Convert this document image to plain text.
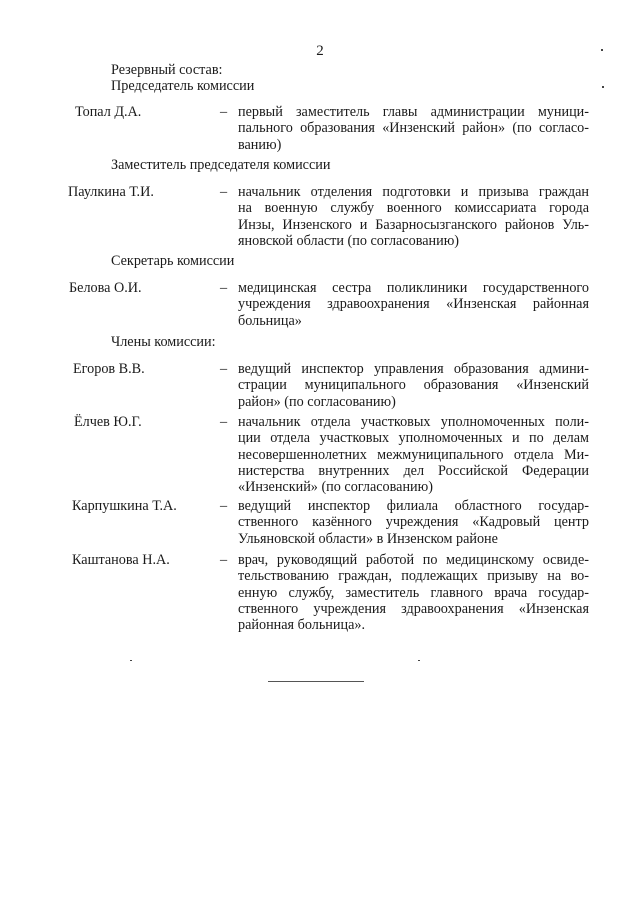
2
Резервный состав:
Председатель комиссии
Топал Д.А.	– первый заместитель главы администрации муници-
пального образования «Инзенский район» (по согласо-
ванию)
Заместитель председателя комиссии
Паулкина Т.И.	– начальник отделения подготовки и призыва граждан
на военную службу военного комиссариата города
Инзы, Инзенского и Базарносызганского районов Уль-
яновской области (по согласованию)
Секретарь комиссии
Белова О.И.	– медицинская сестра поликлиники государственного
учреждения здравоохранения «Инзенская районная
больница»
Члены комиссии:
Егоров В.В.	– ведущий инспектор управления образования админи-
страции муниципального образования «Инзенский
район» (по согласованию)
Ёлчев Ю.Г.	– начальник отдела участковых уполномоченных поли-
ции отдела участковых уполномоченных и по делам
несовершеннолетних межмуниципального отдела Ми-
нистерства внутренних дел Российской Федерации
«Инзенский» (по согласованию)
Карпушкина Т.А.	– ведущий инспектор филиала областного государ-
ственного казённого учреждения «Кадровый центр
Ульяновской области» в Инзенском районе
Каштанова Н.А.	– врач, руководящий работой по медицинскому освиде-
тельствованию граждан, подлежащих призыву на во-
енную службу, заместитель главного врача государ-
ственного учреждения здравоохранения «Инзенская
районная больница».
